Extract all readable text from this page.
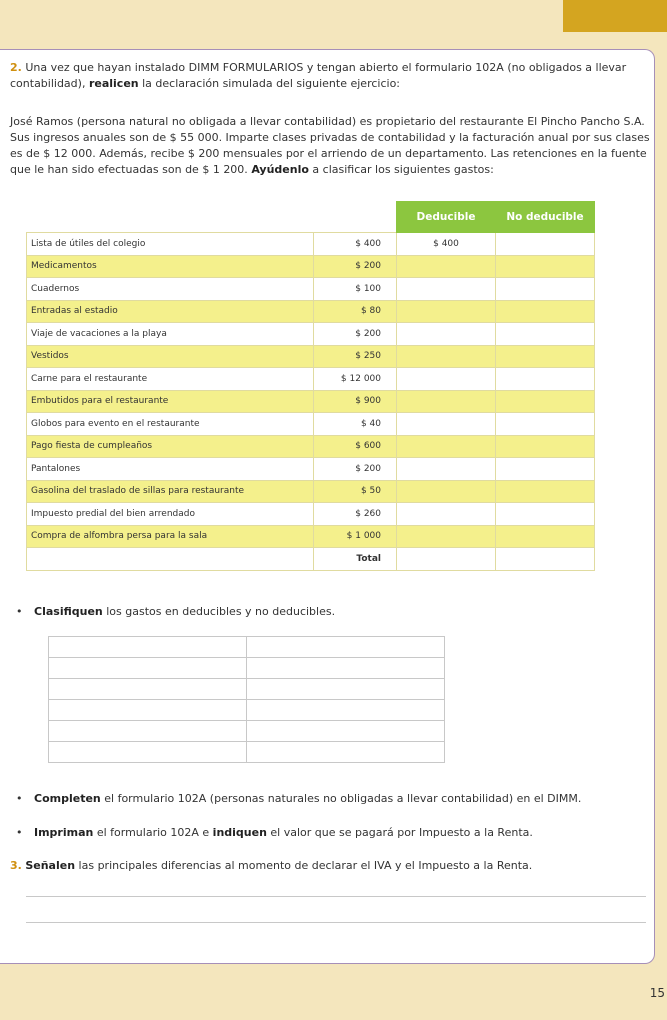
2. Una vez que hayan instalado DIMM FORMULARIOS y tengan abierto el formulario 102A (no obligados a llevar contabilidad), realicen la declaración simulada del siguiente ejercicio:
José Ramos (persona natural no obligada a llevar contabilidad) es propietario del restaurante El Pincho Pancho S.A. Sus ingresos anuales son de $ 55 000. Imparte clases privadas de contabilidad y la facturación anual por sus clases es de $ 12 000. Además, recibe $ 200 mensuales por el arriendo de un departamento. Las retenciones en la fuente que le han sido efectuadas son de $ 1 200. Ayúdenlo a clasificar los siguientes gastos:
		Deducible	No deducible
Lista de útiles del colegio	$ 400	$ 400	
Medicamentos	$ 200		
Cuadernos	$ 100		
Entradas al estadio	$ 80		
Viaje de vacaciones a la playa	$ 200		
Vestidos	$ 250		
Carne para el restaurante	$ 12 000		
Embutidos para el restaurante	$ 900		
Globos para evento en el restaurante	$ 40		
Pago fiesta de cumpleaños	$ 600		
Pantalones	$ 200		
Gasolina del traslado de sillas para restaurante	$ 50		
Impuesto predial del bien arrendado	$ 260		
Compra de alfombra persa para la sala	$ 1 000		
	Total		
• Clasifiquen los gastos en deducibles y no deducibles.

• Completen el formulario 102A (personas naturales no obligadas a llevar contabilidad) en el DIMM.
• Impriman el formulario 102A e indiquen el valor que se pagará por Impuesto a la Renta.
3. Señalen las principales diferencias al momento de declarar el IVA y el Impuesto a la Renta.
15
